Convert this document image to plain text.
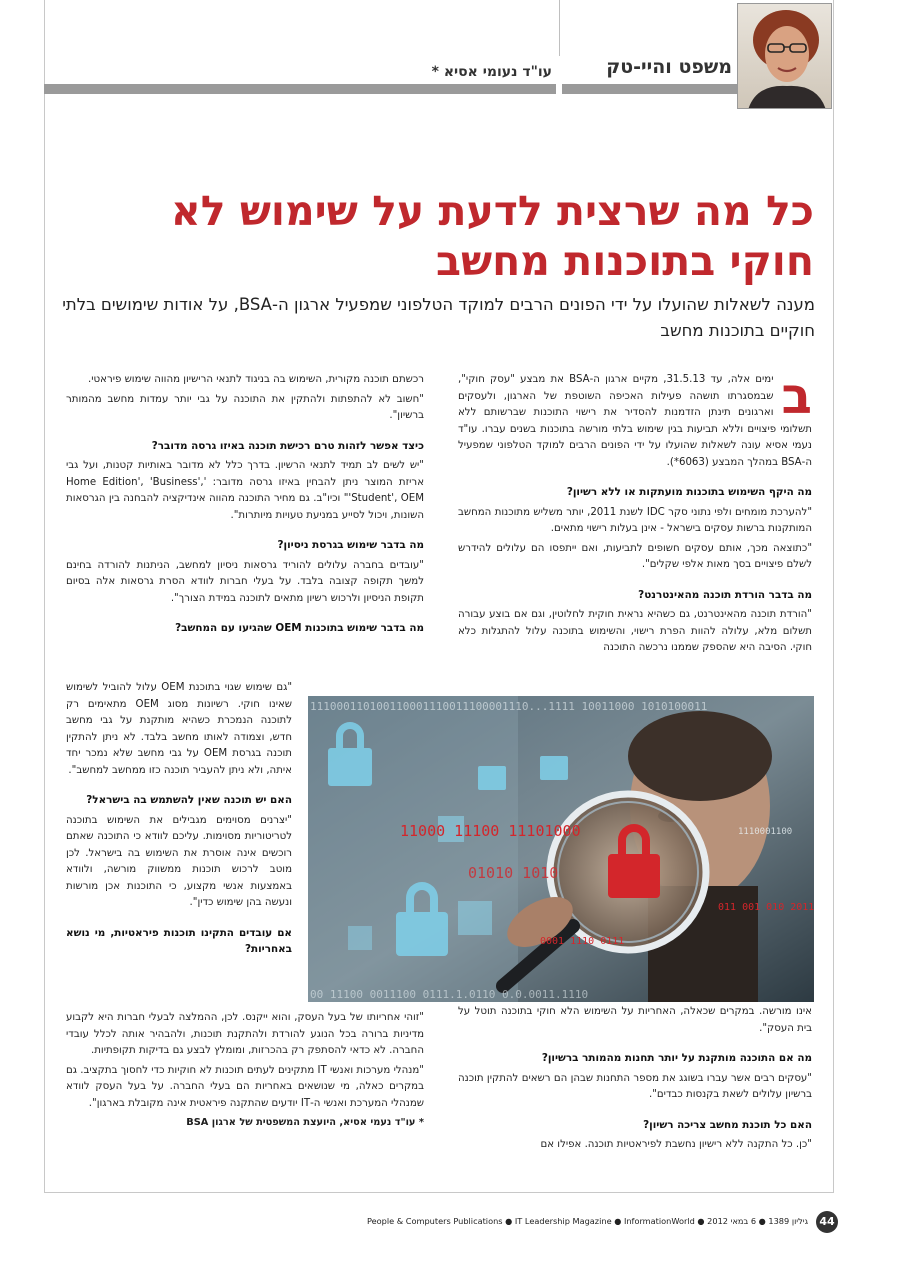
משפט והיי-טק
עו"ד נעומי אסיא *
כל מה שרצית לדעת על שימוש לא חוקי בתוכנות מחשב
מענה לשאלות שהועלו על ידי הפונים הרבים למוקד הטלפוני שמפעיל ארגון ה-BSA, על אודות שימושים בלתי חוקיים בתוכנות מחשב

ב
ימים אלה, עד 31.5.13, מקיים ארגון ה-BSA את מבצע "עסק חוקי", שבמסגרתו תושהה פעילות האכיפה השוטפת של הארגון, ולעסקים וארגונים תינתן הזדמנות להסדיר את רישוי התוכנות שברשותם ללא תשלומי פיצויים וללא תביעות בגין שימוש בלתי מורשה בתוכנות בשנים עברו. עו"ד נעמי אסיא עונה לשאלות שהועלו על ידי הפונים הרבים למוקד הטלפוני שמפעיל ה-BSA במהלך המבצע (6063*).

מה היקף השימוש בתוכנות מועתקות או ללא רשיון?

"להערכת מומחים ולפי נתוני סקר IDC לשנת 2011, יותר משליש מתוכנות המחשב המותקנות ברשות עסקים בישראל - אינן בעלות רישוי מתאים.

"כתוצאה מכך, אותם עסקים חשופים לתביעות, ואם ייתפסו הם עלולים להידרש לשלם פיצויים בסך מאות אלפי שקלים".

מה בדבר הורדת תוכנה מהאינטרנט?

"הורדת תוכנה מהאינטרנט, גם כשהיא נראית חוקית לחלוטין, וגם אם בוצע עבורה תשלום מלא, עלולה להוות הפרת רישוי, והשימוש בתוכנה עלול להתגלות כלא חוקי. הסיבה היא שהספק שממנו נרכשה התוכנה

אינו מורשה. במקרים שכאלה, האחריות על השימוש הלא חוקי בתוכנה תוטל על בית העסק".

מה אם התוכנה מותקנת על יותר תחנות מהמותר ברשיון?

"עסקים רבים אשר עברו בשוגג את מספר התחנות שבהן הם רשאים להתקין תוכנה ברשיון עלולים לשאת בקנסות כבדים".

האם כל תוכנת מחשב צריכה רשיון?

"כן. כל התקנה ללא רישיון נחשבת לפיראטיות תוכנה. אפילו אם

רכשתם תוכנה מקורית, השימוש בה בניגוד לתנאי הרישיון מהווה שימוש פיראטי.

"חשוב לא להתפתות ולהתקין את התוכנה על גבי יותר עמדות מחשב מהמותר ברשיון".

כיצד אפשר לזהות טרם רכישת תוכנה באיזו גרסה מדובר?

"יש לשים לב תמיד לתנאי הרשיון. בדרך כלל לא מדובר באותיות קטנות, ועל גבי אריזת המוצר ניתן להבחין באיזו גרסה מדובר: 'Home Edition', 'Business', 'Student', OEM" וכיו"ב. גם מחיר התוכנה מהווה אינדיקציה להבחנה בין הגרסאות השונות, ויכול לסייע במניעת טעויות מיותרות".

מה בדבר שימוש בגרסת ניסיון?

"עובדים בחברה עלולים להוריד גרסאות ניסיון למחשב, הניתנות להורדה בחינם למשך תקופה קצובה בלבד. על בעלי חברות לוודא הסרת גרסאות אלה בסיום תקופת הניסיון ולרכוש רשיון מתאים לתוכנה במידת הצורך".

מה בדבר שימוש בתוכנות OEM שהגיעו עם המחשב?

"גם שימוש שגוי בתוכנת OEM עלול להוביל לשימוש שאינו חוקי. רשיונות מסוג OEM מתאימים רק לתוכנה הנמכרת כשהיא מותקנת על גבי מחשב חדש, וצמודה לאותו מחשב בלבד. לא ניתן להתקין תוכנה בגרסת OEM על גבי מחשב שלא נמכר יחד איתה, ולא ניתן להעביר תוכנה כזו ממחשב למחשב".

האם יש תוכנה שאין להשתמש בה בישראל?

"יצרנים מסוימים מגבילים את השימוש בתוכנה לטריטוריות מסוימות. עליכם לוודא כי התוכנה שאתם רוכשים אינה אוסרת את השימוש בה בישראל. לכן מוטב לרכוש תוכנות ממשווק מורשה, ולוודא באמצעות אנשי מקצוע, כי התוכנות אכן מורשות ונעשה בהן שימוש כדין".

אם עובדים התקינו תוכנות פיראטיות, מי נושא באחריות?

"זוהי אחריותו של בעל העסק, והוא ייקנס. לכן, ההמלצה לבעלי חברות היא לקבוע מדיניות ברורה בכל הנוגע להורדת ולהתקנת תוכנות, ולהבהיר אותה לכלל עובדי החברה. לא כדאי להסתפק רק בהכרזות, ומומלץ לבצע גם בדיקות תקופתיות.

"מנהלי מערכות ואנשי IT מתקינים לעתים תוכנות לא חוקיות כדי לחסוך בתקציב. גם במקרים כאלה, מי שנושאים באחריות הם בעלי החברה. על בעל העסק לוודא שמנהלי המערכת ואנשי ה-IT יודעים שהתקנה פיראטית אינה מקובלת בארגון".

* עו"ד נעמי אסיא, היועצת המשפטית של ארגון BSA

111000110100110001110011100001110...1111 10011000 1010100011
11000 11100 11101000
01010 1010
0001 1110 0111
011 001 010 2011
1110001100
00 11100 0011100 0111.1.0110 0.0.0011.1110
People & Computers Publications ● IT Leadership Magazine ● InformationWorld ● 2012 גיליון 1389 ● 6 במאי	44
